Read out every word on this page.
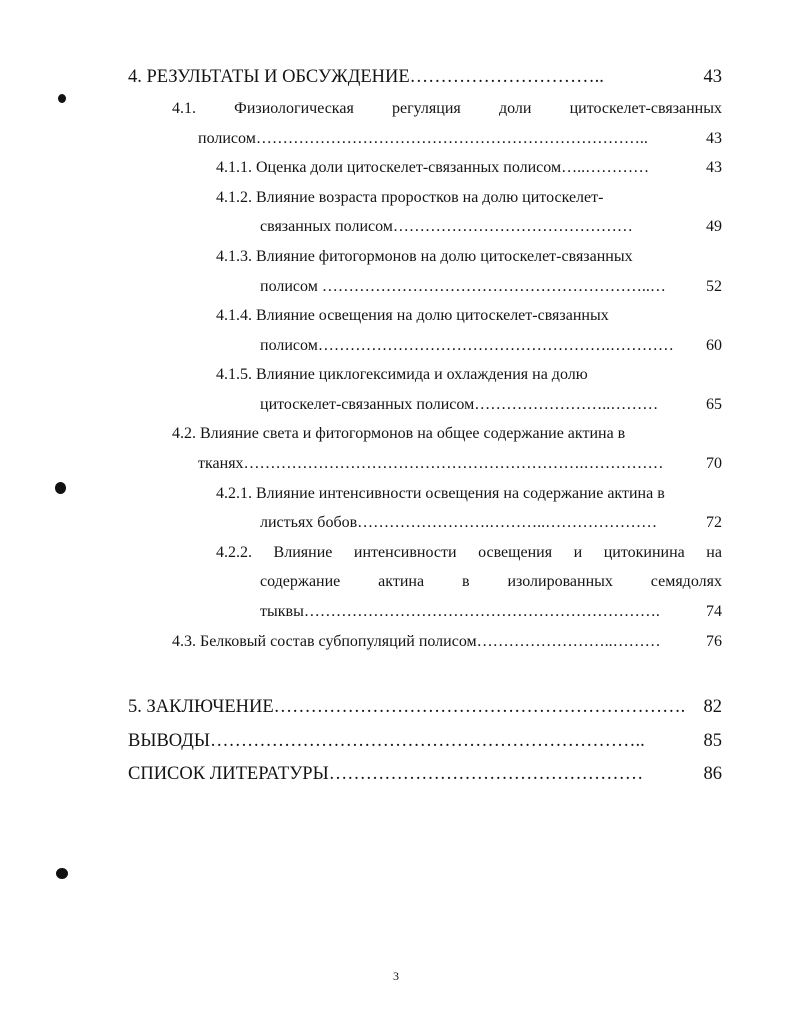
4. РЕЗУЛЬТАТЫ И ОБСУЖДЕНИЕ…………………………..	43
4.1. Физиологическая регуляция доли цитоскелет-связанных
полисом………………………………………………………………..	43
4.1.1. Оценка доли цитоскелет-связанных полисом…..…………	43
4.1.2. Влияние возраста проростков на долю цитоскелет-
связанных полисом………………………………………	49
4.1.3. Влияние фитогормонов на долю цитоскелет-связанных
полисом ……………………………………………………..…	52
4.1.4. Влияние освещения на долю цитоскелет-связанных
полисом……………………………………………….………… 60
4.1.5. Влияние циклогексимида и охлаждения на долю
цитоскелет-связанных полисом……………………..………	65
4.2. Влияние света и фитогормонов на общее содержание актина в
тканях……………………………………………………….……………	70
4.2.1. Влияние интенсивности освещения на содержание актина в
листьях бобов…………………….………..…………………	72
4.2.2. Влияние интенсивности освещения и цитокинина на
содержание актина в изолированных семядолях
тыквы………………………………………………………….	74
4.3. Белковый состав субпопуляций полисом……………………..………	76
5. ЗАКЛЮЧЕНИЕ…………………………………………………………. 82
ВЫВОДЫ……………………………………………………………..	85
СПИСОК ЛИТЕРАТУРЫ……………………………………………	86
3
